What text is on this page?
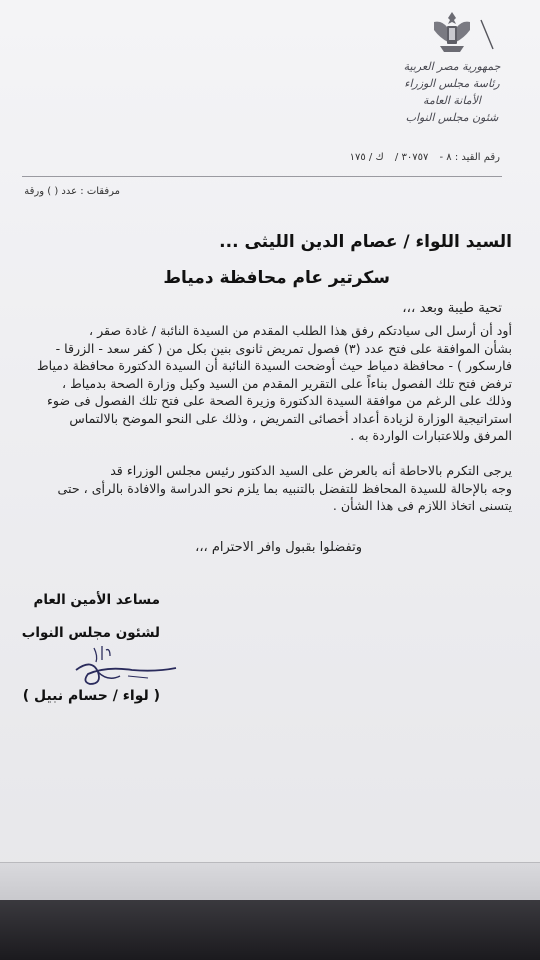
جمهورية مصر العربية
رئاسة مجلس الوزراء
الأمانة العامة
شئون مجلس النواب
رقم القيد : ٨ - ٣٠٧٥٧ / ك / ١٧٥
مرفقات : عدد ( ) ورقة
السيد اللواء / عصام الدين الليثى ...
سكرتير عام محافظة دمياط
تحية طيبة وبعد ،،،
أود أن أرسل الى سيادتكم رفق هذا الطلب المقدم من السيدة النائبة / غادة صقر ،
بشأن الموافقة على فتح عدد (٣) فصول تمريض ثانوى بنين بكل من ( كفر سعد - الزرقا -
فارسكور ) - محافظة دمياط حيث أوضحت السيدة النائبة أن السيدة الدكتورة محافظة دمياط
ترفض فتح تلك الفصول بناءاً على التقرير المقدم من السيد وكيل وزارة الصحة بدمياط ،
وذلك على الرغم من موافقة السيدة الدكتورة وزيرة الصحة على فتح تلك الفصول فى ضوء
استراتيجية الوزارة لزيادة أعداد أخصائى التمريض ، وذلك على النحو الموضح بالالتماس
المرفق وللاعتبارات الواردة به .
يرجى التكرم بالاحاطة أنه بالعرض على السيد الدكتور رئيس مجلس الوزراء قد
وجه بالإحالة للسيدة المحافظ للتفضل بالتنبيه بما يلزم نحو الدراسة والافادة بالرأى ، حتى
يتسنى اتخاذ اللازم فى هذا الشأن .
وتفضلوا بقبول وافر الاحترام ،،،
مساعد الأمين العام
لشئون مجلس النواب
( لواء / حسام نبيل )
